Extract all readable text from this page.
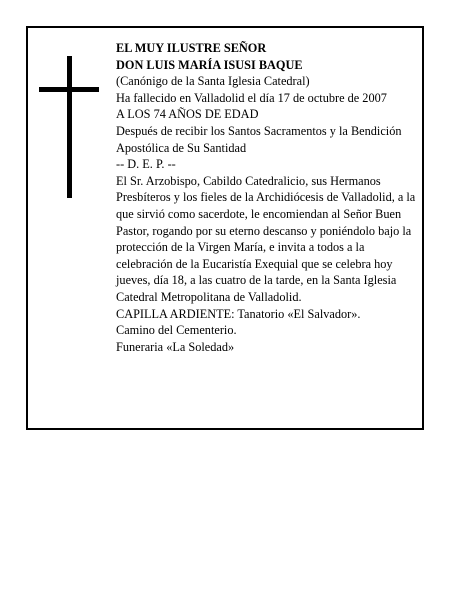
EL MUY ILUSTRE SEÑOR

DON LUIS MARÍA ISUSI BAQUE

(Canónigo de la Santa Iglesia Catedral)

Ha fallecido en Valladolid el día 17 de octubre de 2007

A LOS 74 AÑOS DE EDAD

Después de recibir los Santos Sacramentos y la Bendición Apostólica de Su Santidad

-- D. E. P. --

El Sr. Arzobispo, Cabildo Catedralicio, sus Hermanos Presbíteros y los fieles de la Archidiócesis de Valladolid, a la que sirvió como sacerdote, le encomiendan al Señor Buen Pastor, rogando por su eterno descanso y poniéndolo bajo la protección de la Virgen María, e invita a todos a la celebración de la Eucaristía Exequial que se celebra hoy jueves, día 18, a las cuatro de la tarde, en la Santa Iglesia Catedral Metropolitana de Valladolid.

CAPILLA ARDIENTE: Tanatorio «El Salvador».

Camino del Cementerio.

Funeraria «La Soledad»
